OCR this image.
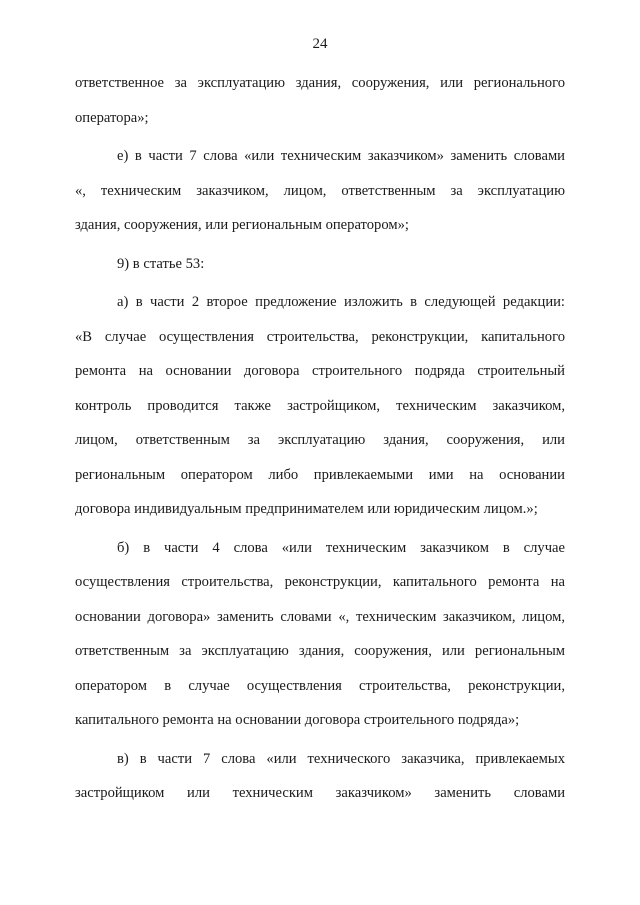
24
ответственное за эксплуатацию здания, сооружения, или регионального
оператора»;
е) в части 7 слова «или техническим заказчиком» заменить словами
«, техническим заказчиком, лицом, ответственным за эксплуатацию
здания, сооружения, или региональным оператором»;
9) в статье 53:
а) в части 2 второе предложение изложить в следующей редакции:
«В случае осуществления строительства, реконструкции, капитального
ремонта на основании договора строительного подряда строительный
контроль проводится также застройщиком, техническим заказчиком,
лицом, ответственным за эксплуатацию здания, сооружения, или
региональным оператором либо привлекаемыми ими на основании
договора индивидуальным предпринимателем или юридическим лицом.»;
б) в части 4 слова «или техническим заказчиком в случае
осуществления строительства, реконструкции, капитального ремонта на
основании договора» заменить словами «, техническим заказчиком, лицом,
ответственным за эксплуатацию здания, сооружения, или региональным
оператором в случае осуществления строительства, реконструкции,
капитального ремонта на основании договора строительного подряда»;
в) в части 7 слова «или технического заказчика, привлекаемых
застройщиком или техническим заказчиком» заменить словами
